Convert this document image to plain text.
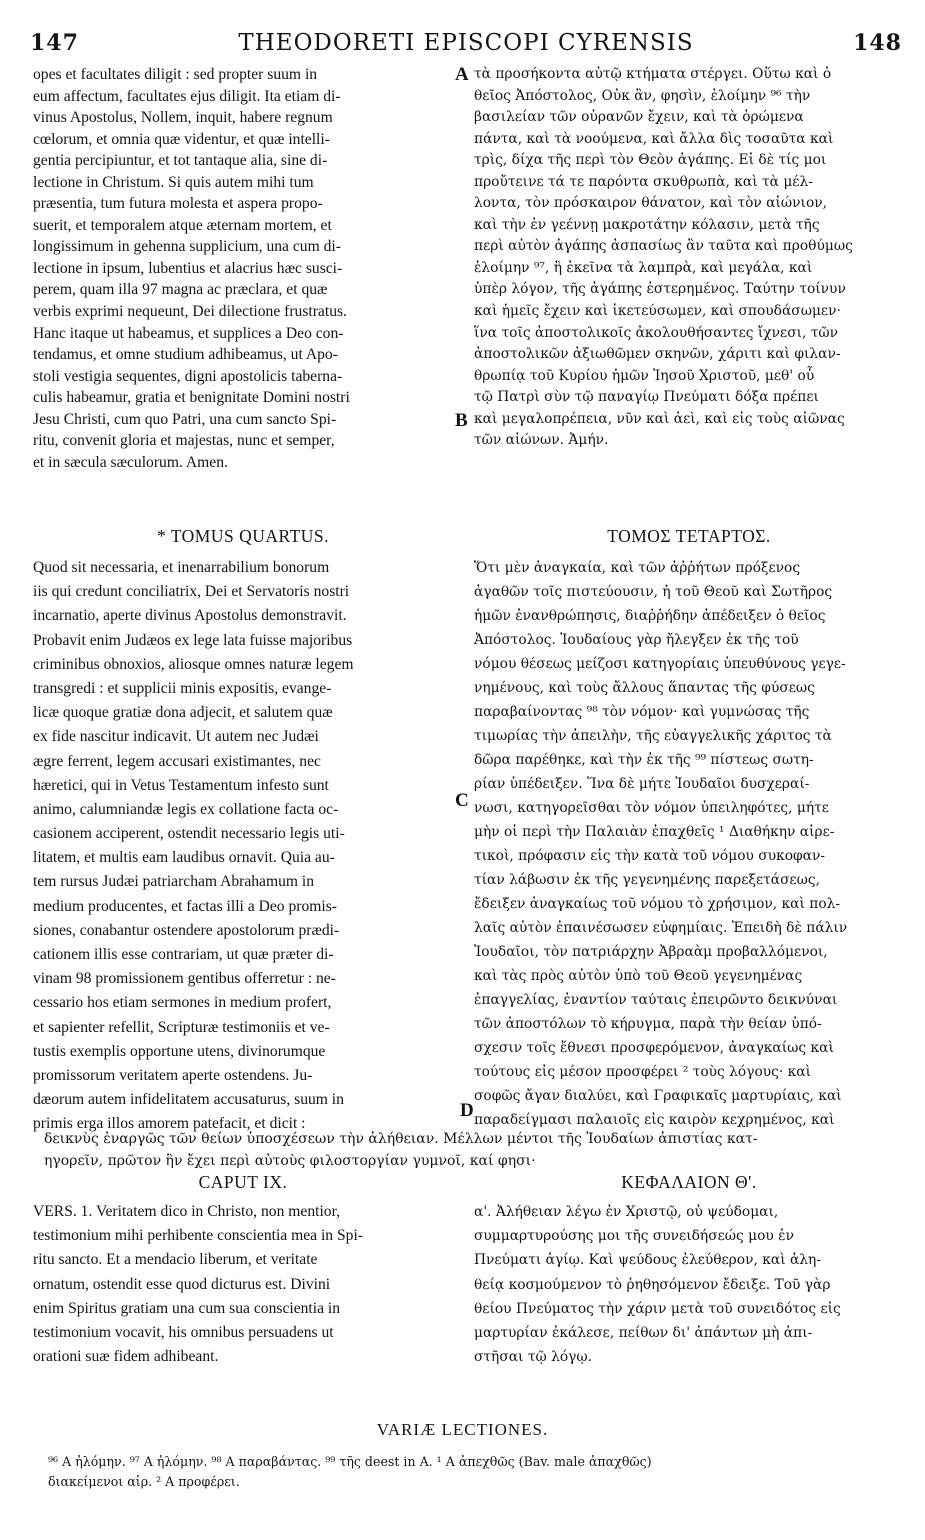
147	THEODORETI EPISCOPI CYRENSIS	148
opes et facultates diligit : sed propter suum in
eum affectum, facultates ejus diligit. Ita etiam di-
vinus Apostolus, Nollem, inquit, habere regnum
cœlorum, et omnia quæ videntur, et quæ intelli-
gentia percipiuntur, et tot tantaque alia, sine di-
lectione in Christum. Si quis autem mihi tum
præsentia, tum futura molesta et aspera propo-
suerit, et temporalem atque æternam mortem, et
longissimum in gehenna supplicium, una cum di-
lectione in ipsum, lubentius et alacrius hæc susci-
perem, quam illa 97 magna ac præclara, et quæ
verbis exprimi nequeunt, Dei dilectione frustratus.
Hanc itaque ut habeamus, et supplices a Deo con-
tendamus, et omne studium adhibeamus, ut Apo-
stoli vestigia sequentes, digni apostolicis taberna-
culis habeamur, gratia et benignitate Domini nostri
Jesu Christi, cum quo Patri, una cum sancto Spi-
ritu, convenit gloria et majestas, nunc et semper,
et in sæcula sæculorum. Amen.
τὰ προσήκοντα αὐτῷ κτήματα στέργει. Οὕτω καὶ ὁ
θεῖος Ἀπόστολος, Οὐκ ἂν, φησὶν, ἑλοίμην ⁹⁶ τὴν
βασιλείαν τῶν οὐρανῶν ἔχειν, καὶ τὰ ὁρώμενα
πάντα, καὶ τὰ νοούμενα, καὶ ἄλλα δὶς τοσαῦτα καὶ
τρὶς, δίχα τῆς περὶ τὸν Θεὸν ἀγάπης. Εἰ δὲ τίς μοι
προὔτεινε τά τε παρόντα σκυθρωπὰ, καὶ τὰ μέλ-
λοντα, τὸν πρόσκαιρον θάνατον, καὶ τὸν αἰώνιον,
καὶ τὴν ἐν γεέννῃ μακροτάτην κόλασιν, μετὰ τῆς
περὶ αὐτὸν ἀγάπης ἀσπασίως ἂν ταῦτα καὶ προθύμως
ἑλοίμην ⁹⁷, ἢ ἐκεῖνα τὰ λαμπρὰ, καὶ μεγάλα, καὶ
ὑπὲρ λόγον, τῆς ἀγάπης ἐστερημένος. Ταύτην τοίνυν
καὶ ἡμεῖς ἔχειν καὶ ἱκετεύσωμεν, καὶ σπουδάσωμεν·
ἵνα τοῖς ἀποστολικοῖς ἀκολουθήσαντες ἴχνεσι, τῶν
ἀποστολικῶν ἀξιωθῶμεν σκηνῶν, χάριτι καὶ φιλαν-
θρωπίᾳ τοῦ Κυρίου ἡμῶν Ἰησοῦ Χριστοῦ, μεθ' οὗ
τῷ Πατρὶ σὺν τῷ παναγίῳ Πνεύματι δόξα πρέπει
καὶ μεγαλοπρέπεια, νῦν καὶ ἀεὶ, καὶ εἰς τοὺς αἰῶνας
τῶν αἰώνων. Ἀμήν.
A
B
C
D
* TOMUS QUARTUS.	ΤΟΜΟΣ ΤΕΤΑΡΤΟΣ.
Quod sit necessaria, et inenarrabilium bonorum
iis qui credunt conciliatrix, Dei et Servatoris nostri
incarnatio, aperte divinus Apostolus demonstravit.
Probavit enim Judæos ex lege lata fuisse majoribus
criminibus obnoxios, aliosque omnes naturæ legem
transgredi : et supplicii minis expositis, evange-
licæ quoque gratiæ dona adjecit, et salutem quæ
ex fide nascitur indicavit. Ut autem nec Judæi
ægre ferrent, legem accusari existimantes, nec
hæretici, qui in Vetus Testamentum infesto sunt
animo, calumniandæ legis ex collatione facta oc-
casionem acciperent, ostendit necessario legis uti-
litatem, et multis eam laudibus ornavit. Quia au-
tem rursus Judæi patriarcham Abrahamum in
medium producentes, et factas illi a Deo promis-
siones, conabantur ostendere apostolorum prædi-
cationem illis esse contrariam, ut quæ præter di-
vinam 98 promissionem gentibus offerretur : ne-
cessario hos etiam sermones in medium profert,
et sapienter refellit, Scripturæ testimoniis et ve-
tustis exemplis opportune utens, divinorumque
promissorum veritatem aperte ostendens. Ju-
dæorum autem infidelitatem accusaturus, suum in
primis erga illos amorem patefacit, et dicit :
Ὅτι μὲν ἀναγκαία, καὶ τῶν ἀῤῥήτων πρόξενος
ἀγαθῶν τοῖς πιστεύουσιν, ἡ τοῦ Θεοῦ καὶ Σωτῆρος
ἡμῶν ἐνανθρώπησις, διαῤῥήδην ἀπέδειξεν ὁ θεῖος
Ἀπόστολος. Ἰουδαίους γὰρ ἤλεγξεν ἐκ τῆς τοῦ
νόμου θέσεως μείζοσι κατηγορίαις ὑπευθύνους γεγε-
νημένους, καὶ τοὺς ἄλλους ἅπαντας τῆς φύσεως
παραβαίνοντας ⁹⁸ τὸν νόμον· καὶ γυμνώσας τῆς
τιμωρίας τὴν ἀπειλὴν, τῆς εὐαγγελικῆς χάριτος τὰ
δῶρα παρέθηκε, καὶ τὴν ἐκ τῆς ⁹⁹ πίστεως σωτη-
ρίαν ὑπέδειξεν. Ἵνα δὲ μήτε Ἰουδαῖοι δυσχεραί-
νωσι, κατηγορεῖσθαι τὸν νόμον ὑπειληφότες, μήτε
μὴν οἱ περὶ τὴν Παλαιὰν ἐπαχθεῖς ¹ Διαθήκην αἱρε-
τικοὶ, πρόφασιν εἰς τὴν κατὰ τοῦ νόμου συκοφαν-
τίαν λάβωσιν ἐκ τῆς γεγενημένης παρεξετάσεως,
ἔδειξεν ἀναγκαίως τοῦ νόμου τὸ χρήσιμον, καὶ πολ-
λαῖς αὐτὸν ἐπαινέσωσεν εὐφημίαις. Ἐπειδὴ δὲ πάλιν
Ἰουδαῖοι, τὸν πατριάρχην Ἀβραὰμ προβαλλόμενοι,
καὶ τὰς πρὸς αὐτὸν ὑπὸ τοῦ Θεοῦ γεγενημένας
ἐπαγγελίας, ἐναντίον ταύταις ἐπειρῶντο δεικνύναι
τῶν ἀποστόλων τὸ κήρυγμα, παρὰ τὴν θείαν ὑπό-
σχεσιν τοῖς ἔθνεσι προσφερόμενον, ἀναγκαίως καὶ
τούτους εἰς μέσον προσφέρει ² τοὺς λόγους· καὶ
σοφῶς ἄγαν διαλύει, καὶ Γραφικαῖς μαρτυρίαις, καὶ
παραδείγμασι παλαιοῖς εἰς καιρὸν κεχρημένος, καὶ
δεικνὺς ἐναργῶς τῶν θείων ὑποσχέσεων τὴν ἀλήθειαν. Μέλλων μέντοι τῆς Ἰουδαίων ἀπιστίας κατ-
ηγορεῖν, πρῶτον ἣν ἔχει περὶ αὐτοὺς φιλοστοργίαν γυμνοῖ, καί φησι·
CAPUT IX.	ΚΕΦΑΛΑΙΟΝ Θ'.
VERS. 1. Veritatem dico in Christo, non mentior,
testimonium mihi perhibente conscientia mea in Spi-
ritu sancto. Et a mendacio liberum, et veritate
ornatum, ostendit esse quod dicturus est. Divini
enim Spiritus gratiam una cum sua conscientia in
testimonium vocavit, his omnibus persuadens ut
orationi suæ fidem adhibeant.
α'. Ἀλήθειαν λέγω ἐν Χριστῷ, οὐ ψεύδομαι,
συμμαρτυρούσης μοι τῆς συνειδήσεώς μου ἐν
Πνεύματι ἁγίῳ. Καὶ ψεύδους ἐλεύθερον, καὶ ἀλη-
θείᾳ κοσμούμενον τὸ ῥηθησόμενον ἔδειξε. Τοῦ γὰρ
θείου Πνεύματος τὴν χάριν μετὰ τοῦ συνειδότος εἰς
μαρτυρίαν ἐκάλεσε, πείθων δι' ἁπάντων μὴ ἀπι-
στῆσαι τῷ λόγῳ.
VARIÆ LECTIONES.
⁹⁶ A ἠλόμην. ⁹⁷ A ἠλόμην. ⁹⁸ A παραβάντας. ⁹⁹ τῆς deest in A. ¹ A ἀπεχθῶς (Bav. male ἀπαχθῶς)
διακείμενοι αἱρ. ² A προφέρει.
